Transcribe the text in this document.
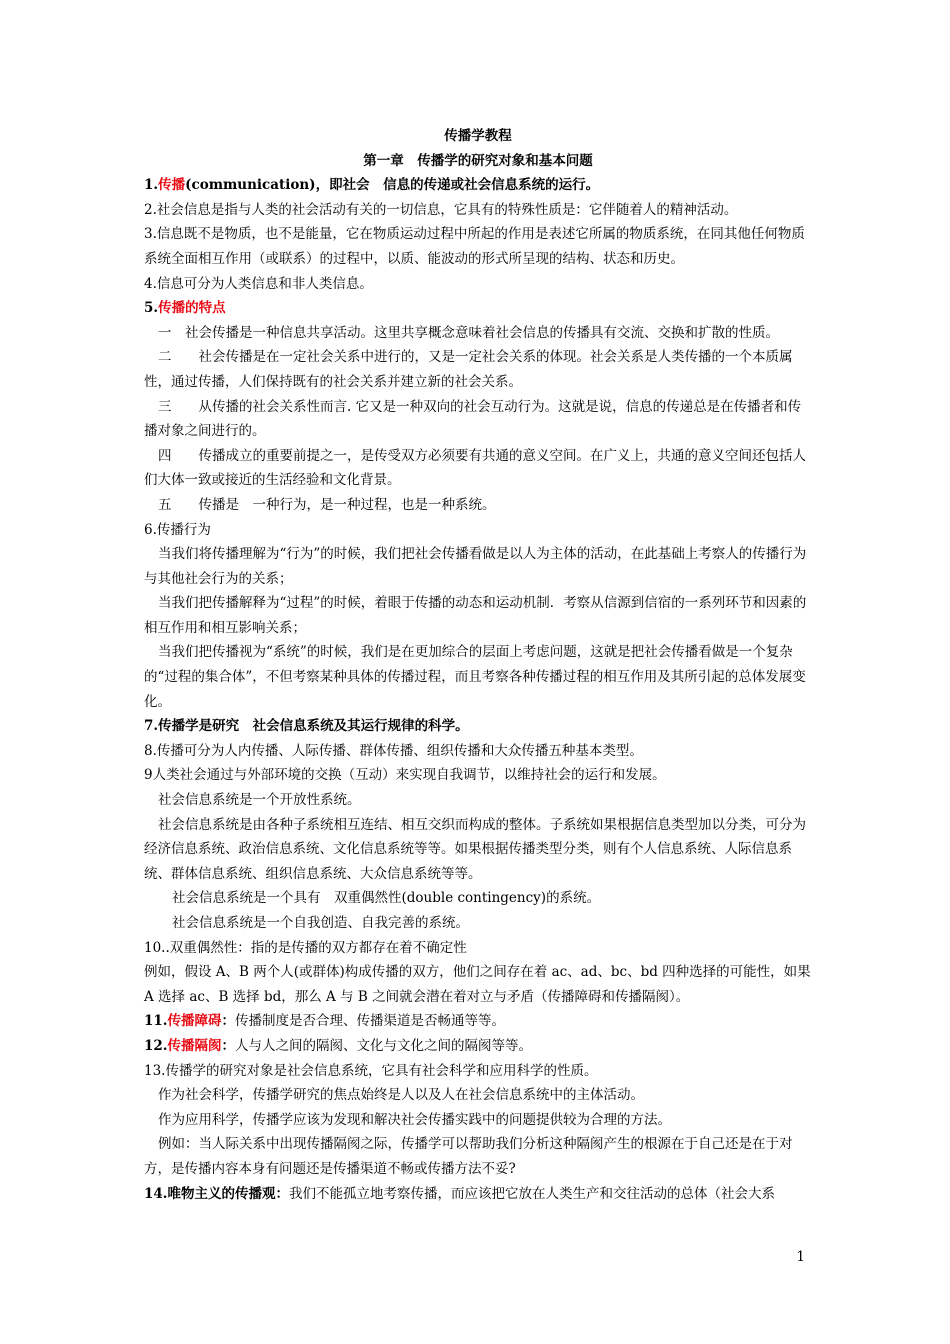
传播学教程

第一章　传播学的研究对象和基本问题

1.传播(communication)，即社会　信息的传递或社会信息系统的运行。

2.社会信息是指与人类的社会活动有关的一切信息，它具有的特殊性质是：它伴随着人的精神活动。

3.信息既不是物质，也不是能量，它在物质运动过程中所起的作用是表述它所属的物质系统，在同其他任何物质系统全面相互作用（或联系）的过程中，以质、能波动的形式所呈现的结构、状态和历史。

4.信息可分为人类信息和非人类信息。

5.传播的特点

一　社会传播是一种信息共享活动。这里共享概念意味着社会信息的传播具有交流、交换和扩散的性质。

二　　社会传播是在一定社会关系中进行的，又是一定社会关系的体现。社会关系是人类传播的一个本质属性，通过传播，人们保持既有的社会关系并建立新的社会关系。

三　　从传播的社会关系性而言. 它又是一种双向的社会互动行为。这就是说，信息的传递总是在传播者和传播对象之间进行的。

四　　传播成立的重要前提之一，是传受双方必须要有共通的意义空间。在广义上，共通的意义空间还包括人们大体一致或接近的生活经验和文化背景。

五　　传播是　一种行为，是一种过程，也是一种系统。

6.传播行为

当我们将传播理解为“行为”的时候，我们把社会传播看做是以人为主体的活动，在此基础上考察人的传播行为与其他社会行为的关系；

当我们把传播解释为“过程”的时候，着眼于传播的动态和运动机制．考察从信源到信宿的一系列环节和因素的相互作用和相互影响关系；

当我们把传播视为“系统”的时候，我们是在更加综合的层面上考虑问题，这就是把社会传播看做是一个复杂的“过程的集合体”，不但考察某种具体的传播过程，而且考察各种传播过程的相互作用及其所引起的总体发展变化。

7.传播学是研究　社会信息系统及其运行规律的科学。

8.传播可分为人内传播、人际传播、群体传播、组织传播和大众传播五种基本类型。

9人类社会通过与外部环境的交换（互动）来实现自我调节，以维持社会的运行和发展。

社会信息系统是一个开放性系统。

社会信息系统是由各种子系统相互连结、相互交织而构成的整体。子系统如果根据信息类型加以分类，可分为经济信息系统、政治信息系统、文化信息系统等等。如果根据传播类型分类，则有个人信息系统、人际信息系统、群体信息系统、组织信息系统、大众信息系统等等。

社会信息系统是一个具有　双重偶然性(double contingency)的系统。

社会信息系统是一个自我创造、自我完善的系统。

10..双重偶然性：指的是传播的双方都存在着不确定性

例如，假设 A、B 两个人(或群体)构成传播的双方，他们之间存在着 ac、ad、bc、bd 四种选择的可能性，如果 A 选择 ac、B 选择 bd，那么 A 与 B 之间就会潜在着对立与矛盾（传播障碍和传播隔阂）。

11.传播障碍：传播制度是否合理、传播渠道是否畅通等等。

12.传播隔阂：人与人之间的隔阂、文化与文化之间的隔阂等等。

13.传播学的研究对象是社会信息系统，它具有社会科学和应用科学的性质。

作为社会科学，传播学研究的焦点始终是人以及人在社会信息系统中的主体活动。

作为应用科学，传播学应该为发现和解决社会传播实践中的问题提供较为合理的方法。

例如：当人际关系中出现传播隔阂之际，传播学可以帮助我们分析这种隔阂产生的根源在于自己还是在于对方，是传播内容本身有问题还是传播渠道不畅或传播方法不妥?

14.唯物主义的传播观：我们不能孤立地考察传播，而应该把它放在人类生产和交往活动的总体（社会大系

1
